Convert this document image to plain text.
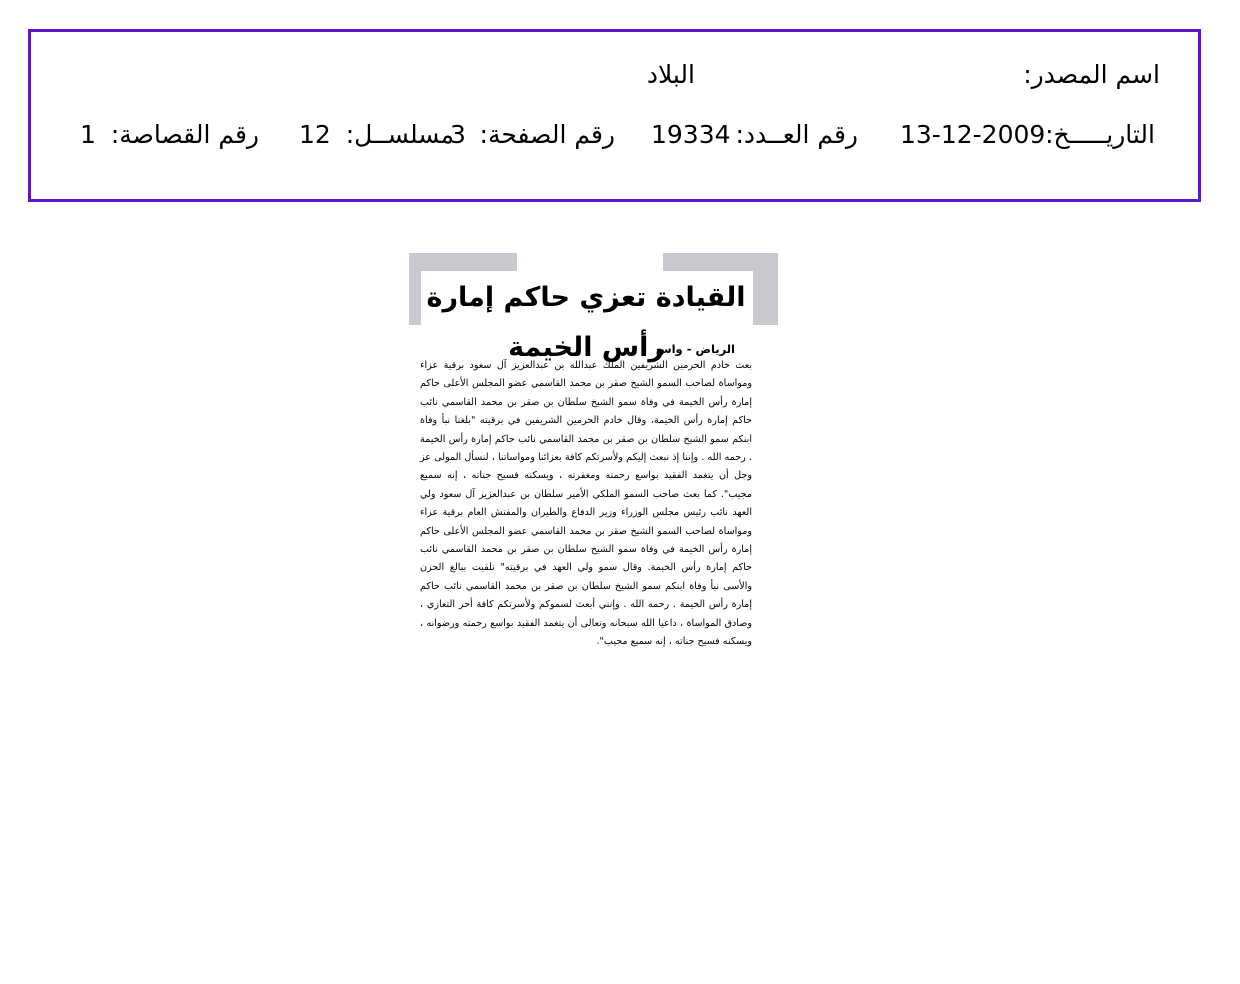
اسم المصدر:
البلاد
التاريـــــخ:
13-12-2009
رقم العــدد:
19334
رقم الصفحة:
3
مسلســل:
12
رقم القصاصة:
1
القيادة تعزي حاكم إمارة رأس الخيمة
الرياض - واس
بعث خادم الحرمين الشريفين الملك عبدالله بن عبدالعزيز آل سعود برقية عزاء ومواساة لصاحب السمو الشيخ صقر بن محمد القاسمي عضو المجلس الأعلى حاكم إمارة رأس الخيمة في وفاة سمو الشيخ سلطان بن صقر بن محمد القاسمي نائب حاكم إمارة رأس الخيمة، وقال خادم الحرمين الشريفين في برقيته "بلغنا نبأ وفاة ابنكم سمو الشيخ سلطان بن صقر بن محمد القاسمي نائب حاكم إمارة رأس الخيمة . رحمه الله . وإننا إذ نبعث إليكم ولأسرتكم كافة بعزائنا ومواساتنا ، لنسأل المولى عز وجل أن يتغمد الفقيد بواسع رحمته ومغفرته ، ويسكنه فسيح جناته ، إنه سميع مجيب". كما بعث صاحب السمو الملكي الأمير سلطان بن عبدالعزيز آل سعود ولي العهد نائب رئيس مجلس الوزراء وزير الدفاع والطيران والمفتش العام برقية عزاء ومواساة لصاحب السمو الشيخ صقر بن محمد القاسمي عضو المجلس الأعلى حاكم إمارة رأس الخيمة في وفاة سمو الشيخ سلطان بن صقر بن محمد القاسمي نائب حاكم إمارة رأس الخيمة. وقال سمو ولي العهد في برقيته" تلقيت ببالغ الحزن والأسى نبأ وفاة ابنكم سمو الشيخ سلطان بن صقر بن محمد القاسمي نائب حاكم إمارة رأس الخيمة . رحمه الله . وإنني أبعث لسموكم ولأسرتكم كافة أحر التعازي ، وصادق المواساة ، داعيا الله سبحانه وتعالى أن يتغمد الفقيد بواسع رحمته ورضوانه ، ويسكنه فسيح جناته ، إنه سميع مجيب".
